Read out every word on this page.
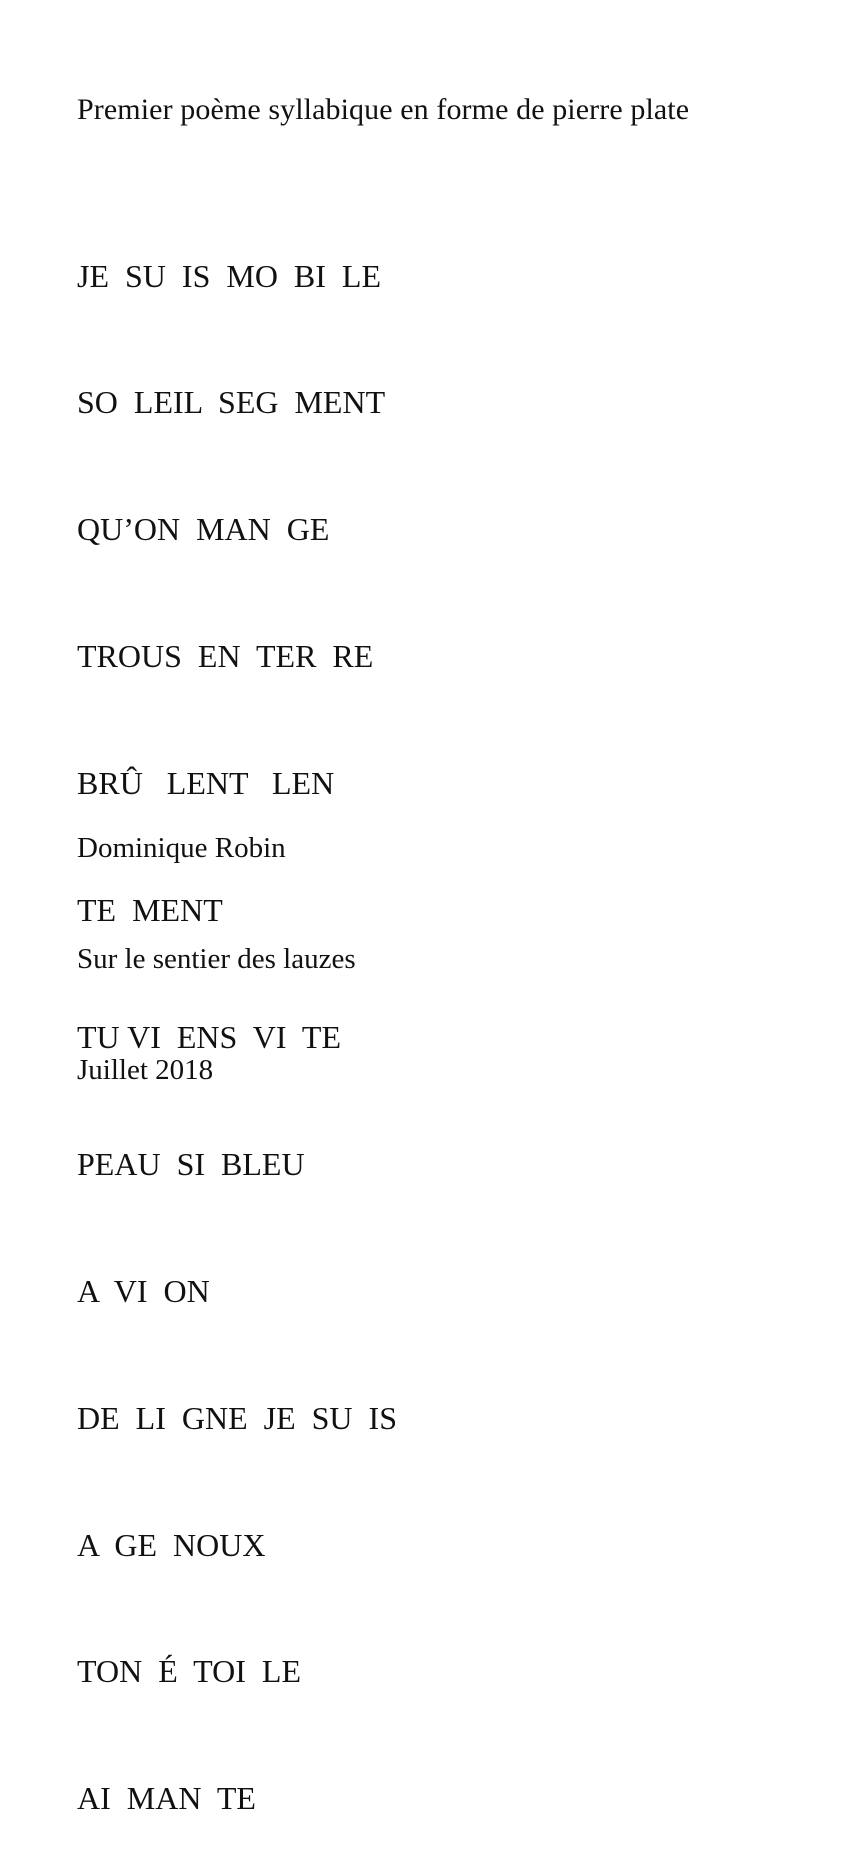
Premier poème syllabique en forme de pierre plate

JE  SU  IS  MO  BI  LE

SO  LEIL  SEG  MENT

QU’ON  MAN  GE

TROUS  EN  TER  RE

BRÛ   LENT   LEN

TE  MENT

TU VI  ENS  VI  TE

PEAU  SI  BLEU

A  VI  ON

DE  LI  GNE  JE  SU  IS

A  GE  NOUX

TON  É  TOI  LE

AI  MAN  TE

Dominique Robin

Sur le sentier des lauzes

Juillet 2018
